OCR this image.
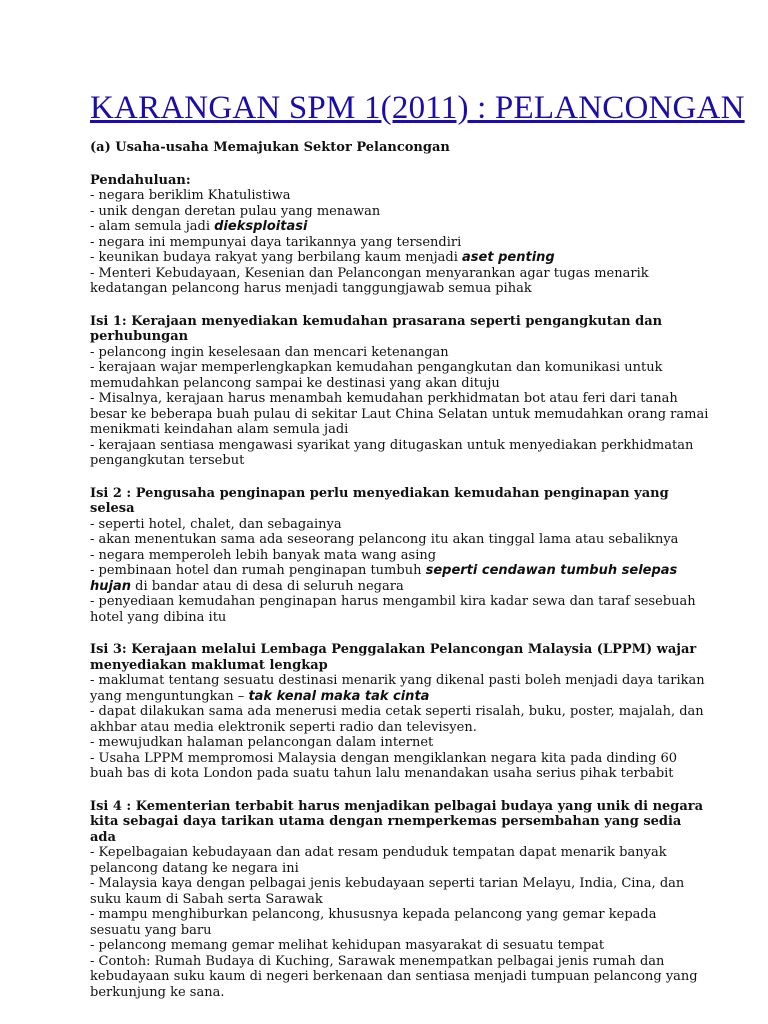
KARANGAN SPM 1(2011) : PELANCONGAN

(a) Usaha-usaha Memajukan Sektor Pelancongan

Pendahuluan:

- negara beriklim Khatulistiwa

- unik dengan deretan pulau yang menawan

- alam semula jadi dieksploitasi

- negara ini mempunyai daya tarikannya yang tersendiri

- keunikan budaya rakyat yang berbilang kaum menjadi aset penting

- Menteri Kebudayaan, Kesenian dan Pelancongan menyarankan agar tugas menarik kedatangan pelancong harus menjadi tanggungjawab semua pihak

Isi 1: Kerajaan menyediakan kemudahan prasarana seperti pengangkutan dan perhubungan

- pelancong ingin keselesaan dan mencari ketenangan

- kerajaan wajar memperlengkapkan kemudahan pengangkutan dan komunikasi untuk memudahkan pelancong sampai ke destinasi yang akan dituju

- Misalnya, kerajaan harus menambah kemudahan perkhidmatan bot atau feri dari tanah besar ke beberapa buah pulau di sekitar Laut China Selatan untuk memudahkan orang ramai menikmati keindahan alam semula jadi

- kerajaan sentiasa mengawasi syarikat yang ditugaskan untuk menyediakan perkhidmatan pengangkutan tersebut

Isi 2 : Pengusaha penginapan perlu menyediakan kemudahan penginapan yang selesa

- seperti hotel, chalet, dan sebagainya

- akan menentukan sama ada seseorang pelancong itu akan tinggal lama atau sebaliknya

- negara memperoleh lebih banyak mata wang asing

- pembinaan hotel dan rumah penginapan tumbuh seperti cendawan tumbuh selepas hujan di bandar atau di desa di seluruh negara

- penyediaan kemudahan penginapan harus mengambil kira kadar sewa dan taraf sesebuah hotel yang dibina itu

Isi 3: Kerajaan melalui Lembaga Penggalakan Pelancongan Malaysia (LPPM) wajar menyediakan maklumat lengkap

- maklumat tentang sesuatu destinasi menarik yang dikenal pasti boleh menjadi daya tarikan yang menguntungkan – tak kenal maka tak cinta

- dapat dilakukan sama ada menerusi media cetak seperti risalah, buku, poster, majalah, dan akhbar atau media elektronik seperti radio dan televisyen.

- mewujudkan halaman pelancongan dalam internet

- Usaha LPPM mempromosi Malaysia dengan mengiklankan negara kita pada dinding 60 buah bas di kota London pada suatu tahun lalu menandakan usaha serius pihak terbabit

Isi 4 : Kementerian terbabit harus menjadikan pelbagai budaya yang unik di negara kita sebagai daya tarikan utama dengan rnemperkemas persembahan yang sedia ada

- Kepelbagaian kebudayaan dan adat resam penduduk tempatan dapat menarik banyak pelancong datang ke negara ini

- Malaysia kaya dengan pelbagai jenis kebudayaan seperti tarian Melayu, India, Cina, dan suku kaum di Sabah serta Sarawak

- mampu menghiburkan pelancong, khususnya kepada pelancong yang gemar kepada sesuatu yang baru

- pelancong memang gemar melihat kehidupan masyarakat di sesuatu tempat

- Contoh: Rumah Budaya di Kuching, Sarawak menempatkan pelbagai jenis rumah dan kebudayaan suku kaum di negeri berkenaan dan sentiasa menjadi tumpuan pelancong yang berkunjung ke sana.
